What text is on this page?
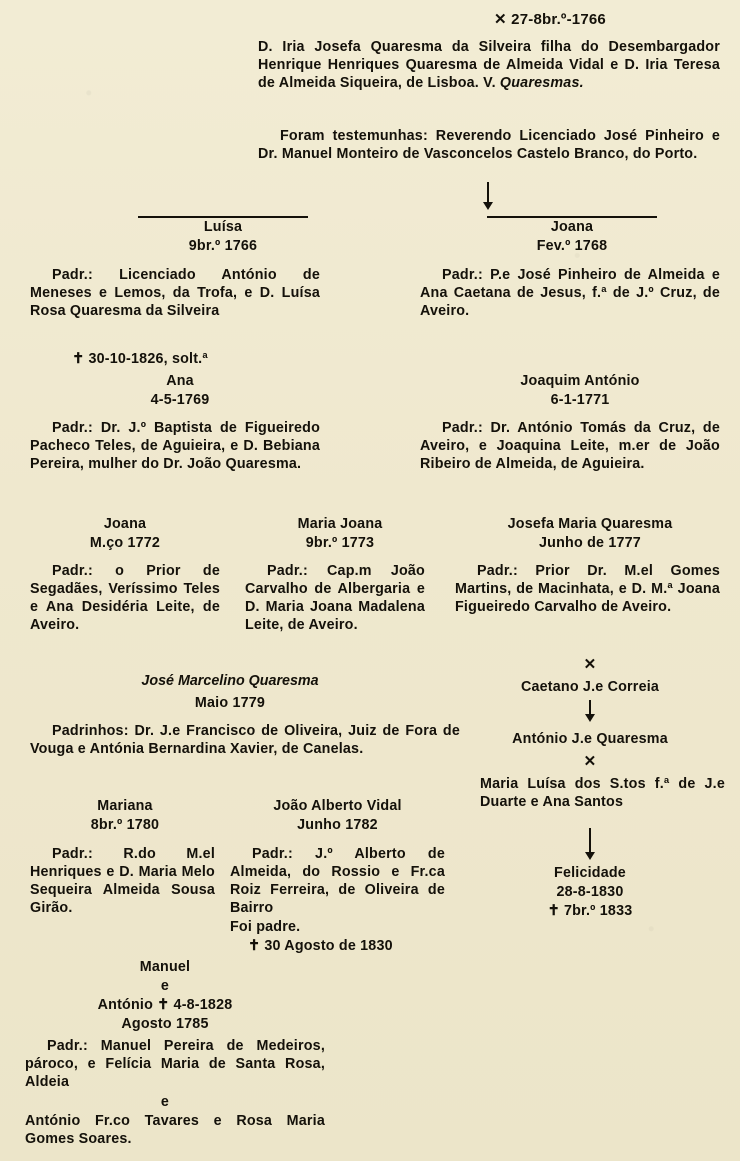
✕ 27-8br.º-1766
D. Iria Josefa Quaresma da Silveira filha do Desembargador Henrique Henriques Quaresma de Almeida Vidal e D. Iria Teresa de Almeida Siqueira, de Lisboa. V. Quaresmas.
Foram testemunhas: Reverendo Licenciado José Pinheiro e Dr. Manuel Monteiro de Vasconcelos Castelo Branco, do Porto.
Luísa
9br.º 1766
Padr.: Licenciado António de Meneses e Lemos, da Trofa, e D. Luísa Rosa Quaresma da Silveira
✝ 30-10-1826, solt.ª
Joana
Fev.º 1768
Padr.: P.e José Pinheiro de Almeida e Ana Caetana de Jesus, f.ª de J.º Cruz, de Aveiro.
Ana
4-5-1769
Padr.: Dr. J.º Baptista de Figueiredo Pacheco Teles, de Aguieira, e D. Bebiana Pereira, mulher do Dr. João Quaresma.
Joaquim António
6-1-1771
Padr.: Dr. António Tomás da Cruz, de Aveiro, e Joaquina Leite, m.er de João Ribeiro de Almeida, de Aguieira.
Joana
M.ço 1772
Padr.: o Prior de Segadães, Veríssimo Teles e Ana Desidéria Leite, de Aveiro.
Maria Joana
9br.º 1773
Padr.: Cap.m João Carvalho de Albergaria e D. Maria Joana Madalena Leite, de Aveiro.
Josefa Maria Quaresma
Junho de 1777
Padr.: Prior Dr. M.el Gomes Martins, de Macinhata, e D. M.ª Joana Figueiredo Carvalho de Aveiro.
✕
Caetano J.e Correia
António J.e Quaresma
✕
Maria Luísa dos S.tos f.ª de J.e Duarte e Ana Santos
Felicidade
28-8-1830
✝ 7br.º 1833
José Marcelino Quaresma
Maio 1779
Padrinhos: Dr. J.e Francisco de Oliveira, Juiz de Fora de Vouga e Antónia Bernardina Xavier, de Canelas.
Mariana
8br.º 1780
Padr.: R.do M.el Henriques e D. Maria Melo Sequeira Almeida Sousa Girão.
João Alberto Vidal
Junho 1782
Padr.: J.º Alberto de Almeida, do Rossio e Fr.ca Roiz Ferreira, de Oliveira de Bairro
Foi padre.
✝ 30 Agosto de 1830
Manuel
e
António ✝ 4-8-1828
Agosto 1785
Padr.: Manuel Pereira de Medeiros, pároco, e Felícia Maria de Santa Rosa, Aldeia
e
António Fr.co Tavares e Rosa Maria Gomes Soares.
